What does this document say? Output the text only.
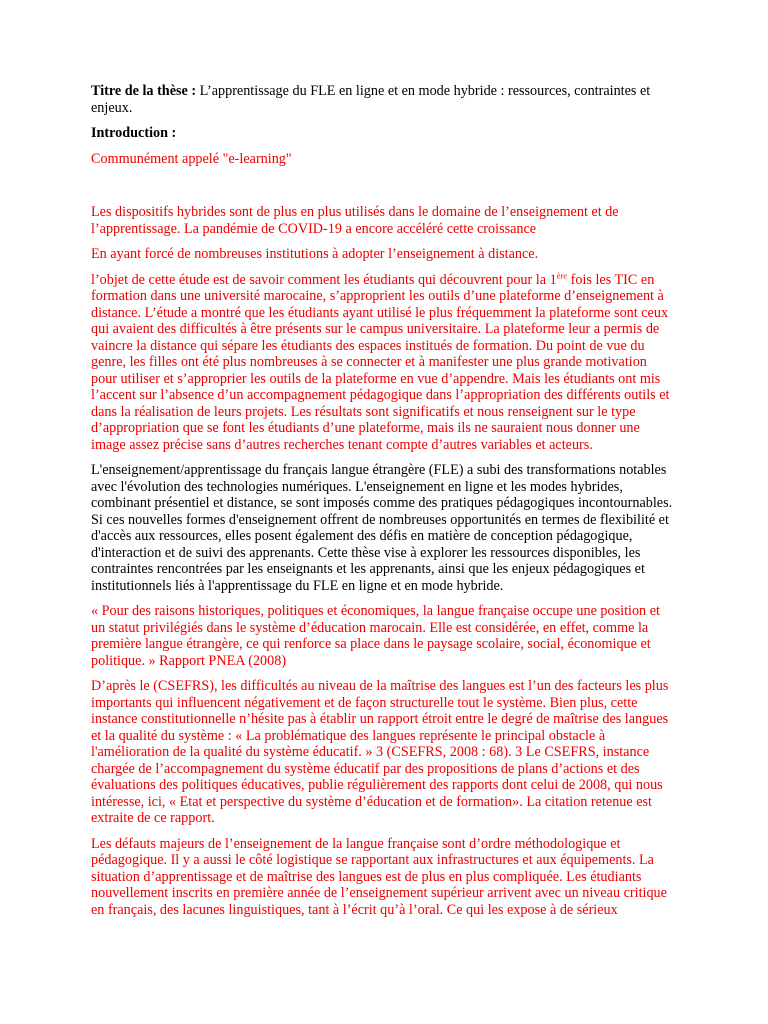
Titre de la thèse : L’apprentissage du FLE en ligne et en mode hybride : ressources, contraintes et enjeux.

Introduction :

Communément appelé "e-learning"

Les dispositifs hybrides sont de plus en plus utilisés dans le domaine de l’enseignement et de l’apprentissage. La pandémie de COVID-19 a encore accéléré cette croissance

En ayant forcé de nombreuses institutions à adopter l’enseignement à distance.

l’objet de cette étude est de savoir comment les étudiants qui découvrent pour la 1ère fois les TIC en formation dans une université marocaine, s’approprient les outils d’une plateforme d’enseignement à distance. L’étude a montré que les étudiants ayant utilisé le plus fréquemment la plateforme sont ceux qui avaient des difficultés à être présents sur le campus universitaire. La plateforme leur a permis de vaincre la distance qui sépare les étudiants des espaces institués de formation. Du point de vue du genre, les filles ont été plus nombreuses à se connecter et à manifester une plus grande motivation pour utiliser et s’approprier les outils de la plateforme en vue d’appendre. Mais les étudiants ont mis l’accent sur l’absence d’un accompagnement pédagogique dans l’appropriation des différents outils et dans la réalisation de leurs projets. Les résultats sont significatifs et nous renseignent sur le type d’appropriation que se font les étudiants d’une plateforme, mais ils ne sauraient nous donner une image assez précise sans d’autres recherches tenant compte d’autres variables et acteurs.

L'enseignement/apprentissage du français langue étrangère (FLE) a subi des transformations notables avec l'évolution des technologies numériques. L'enseignement en ligne et les modes hybrides, combinant présentiel et distance, se sont imposés comme des pratiques pédagogiques incontournables. Si ces nouvelles formes d'enseignement offrent de nombreuses opportunités en termes de flexibilité et d'accès aux ressources, elles posent également des défis en matière de conception pédagogique, d'interaction et de suivi des apprenants. Cette thèse vise à explorer les ressources disponibles, les contraintes rencontrées par les enseignants et les apprenants, ainsi que les enjeux pédagogiques et institutionnels liés à l'apprentissage du FLE en ligne et en mode hybride.

« Pour des raisons historiques, politiques et économiques, la langue française occupe une position et un statut privilégiés dans le système d’éducation marocain. Elle est considérée, en effet, comme la première langue étrangère, ce qui renforce sa place dans le paysage scolaire, social, économique et politique. » Rapport PNEA (2008)

D’après le (CSEFRS), les difficultés au niveau de la maîtrise des langues est l’un des facteurs les plus importants qui influencent négativement et de façon structurelle tout le système. Bien plus, cette instance constitutionnelle n’hésite pas à établir un rapport étroit entre le degré de maîtrise des langues et la qualité du système : « La problématique des langues représente le principal obstacle à l'amélioration de la qualité du système éducatif. » 3 (CSEFRS, 2008 : 68). 3 Le CSEFRS, instance chargée de l’accompagnement du système éducatif par des propositions de plans d’actions et des évaluations des politiques éducatives, publie régulièrement des rapports dont celui de 2008, qui nous intéresse, ici, « Etat et perspective du système d’éducation et de formation». La citation retenue est extraite de ce rapport.

Les défauts majeurs de l’enseignement de la langue française sont d’ordre méthodologique et pédagogique. Il y a aussi le côté logistique se rapportant aux infrastructures et aux équipements. La situation d’apprentissage et de maîtrise des langues est de plus en plus compliquée. Les étudiants nouvellement inscrits en première année de l’enseignement supérieur arrivent avec un niveau critique en français, des lacunes linguistiques, tant à l’écrit qu’à l’oral. Ce qui les expose à de sérieux
